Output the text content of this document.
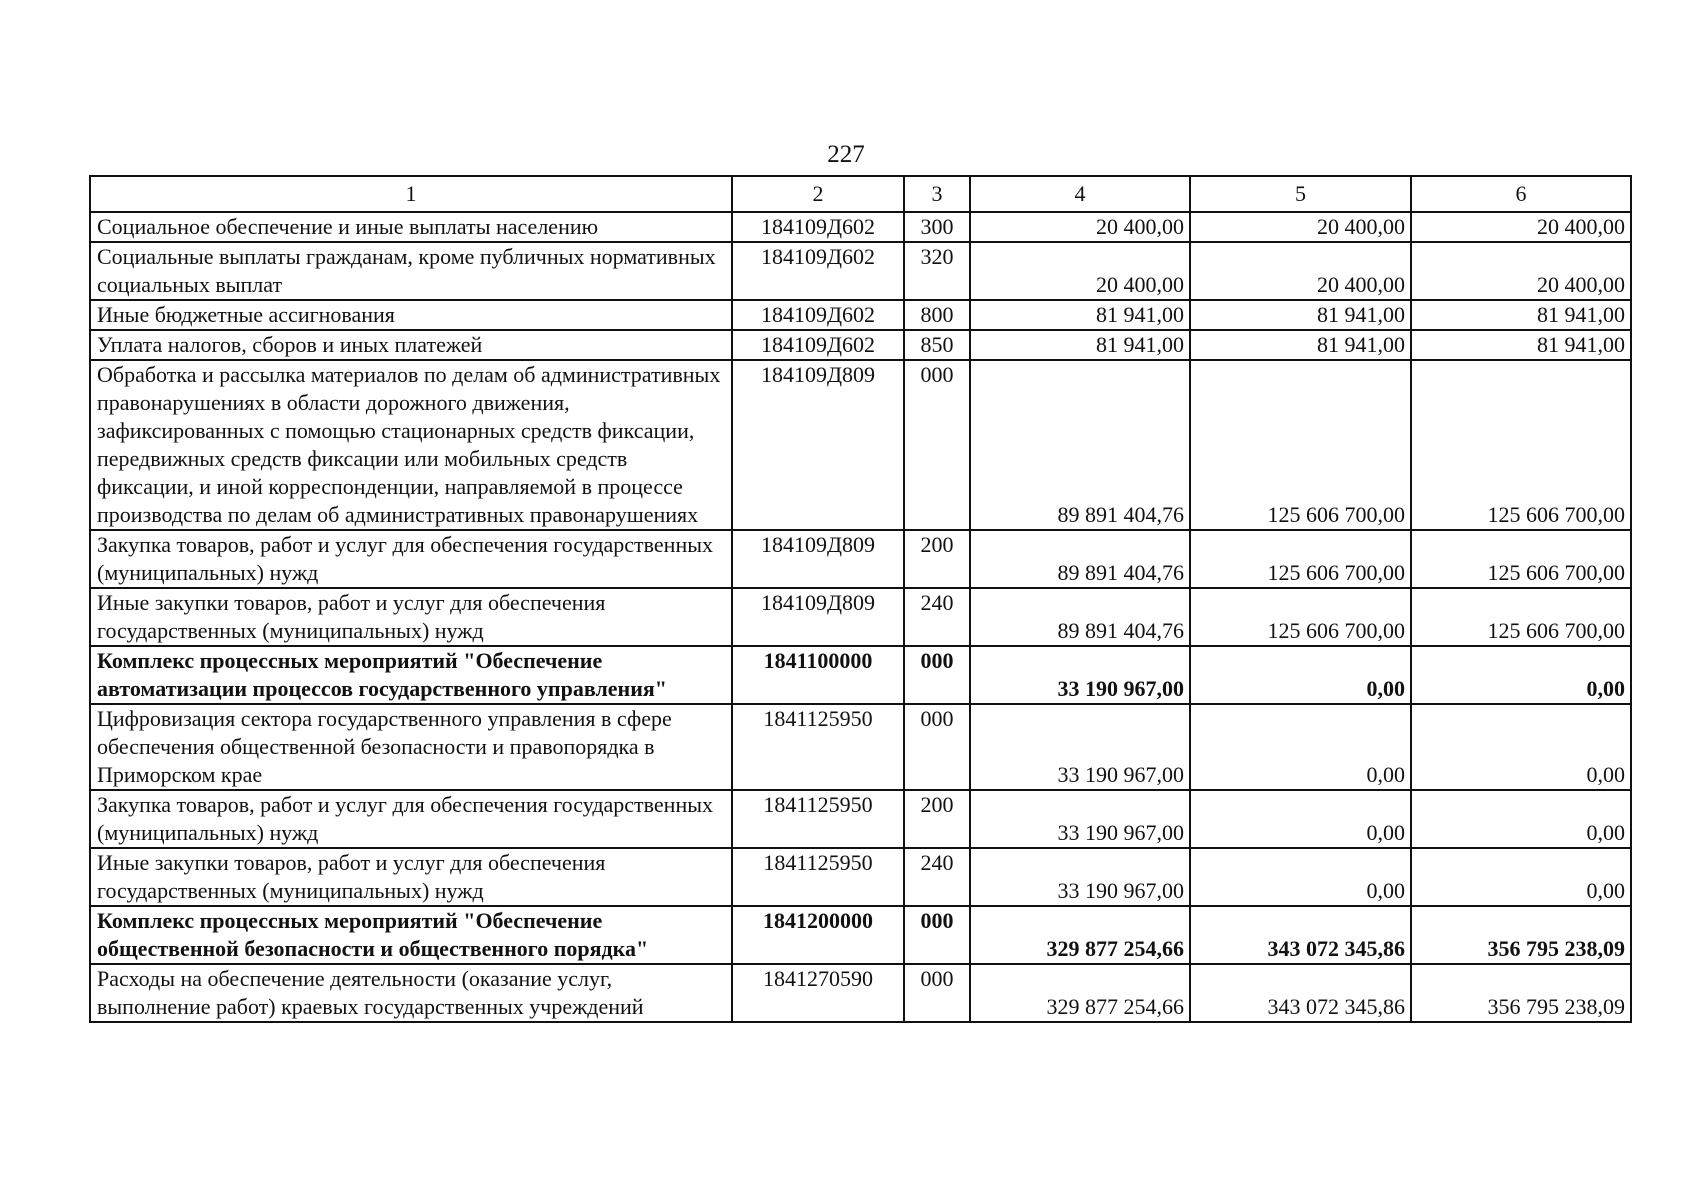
227
1	2	3	4	5	6
Социальное обеспечение и иные выплаты населению	184109Д602	300	20 400,00	20 400,00	20 400,00
Социальные выплаты гражданам, кроме публичных нормативных социальных выплат	184109Д602	320	20 400,00	20 400,00	20 400,00
Иные бюджетные ассигнования	184109Д602	800	81 941,00	81 941,00	81 941,00
Уплата налогов, сборов и иных платежей	184109Д602	850	81 941,00	81 941,00	81 941,00
Обработка и рассылка материалов по делам об административных правонарушениях в области дорожного движения, зафиксированных с помощью стационарных средств фиксации, передвижных средств фиксации или мобильных средств фиксации, и иной корреспонденции, направляемой в процессе производства по делам об административных правонарушениях	184109Д809	000	89 891 404,76	125 606 700,00	125 606 700,00
Закупка товаров, работ и услуг для обеспечения государственных (муниципальных) нужд	184109Д809	200	89 891 404,76	125 606 700,00	125 606 700,00
Иные закупки товаров, работ и услуг для обеспечения государственных (муниципальных) нужд	184109Д809	240	89 891 404,76	125 606 700,00	125 606 700,00
Комплекс процессных мероприятий "Обеспечение автоматизации процессов государственного управления"	1841100000	000	33 190 967,00	0,00	0,00
Цифровизация сектора государственного управления в сфере обеспечения общественной безопасности и правопорядка в Приморском крае	1841125950	000	33 190 967,00	0,00	0,00
Закупка товаров, работ и услуг для обеспечения государственных (муниципальных) нужд	1841125950	200	33 190 967,00	0,00	0,00
Иные закупки товаров, работ и услуг для обеспечения государственных (муниципальных) нужд	1841125950	240	33 190 967,00	0,00	0,00
Комплекс процессных мероприятий "Обеспечение общественной безопасности и общественного порядка"	1841200000	000	329 877 254,66	343 072 345,86	356 795 238,09
Расходы на обеспечение деятельности (оказание услуг, выполнение работ) краевых государственных учреждений	1841270590	000	329 877 254,66	343 072 345,86	356 795 238,09
